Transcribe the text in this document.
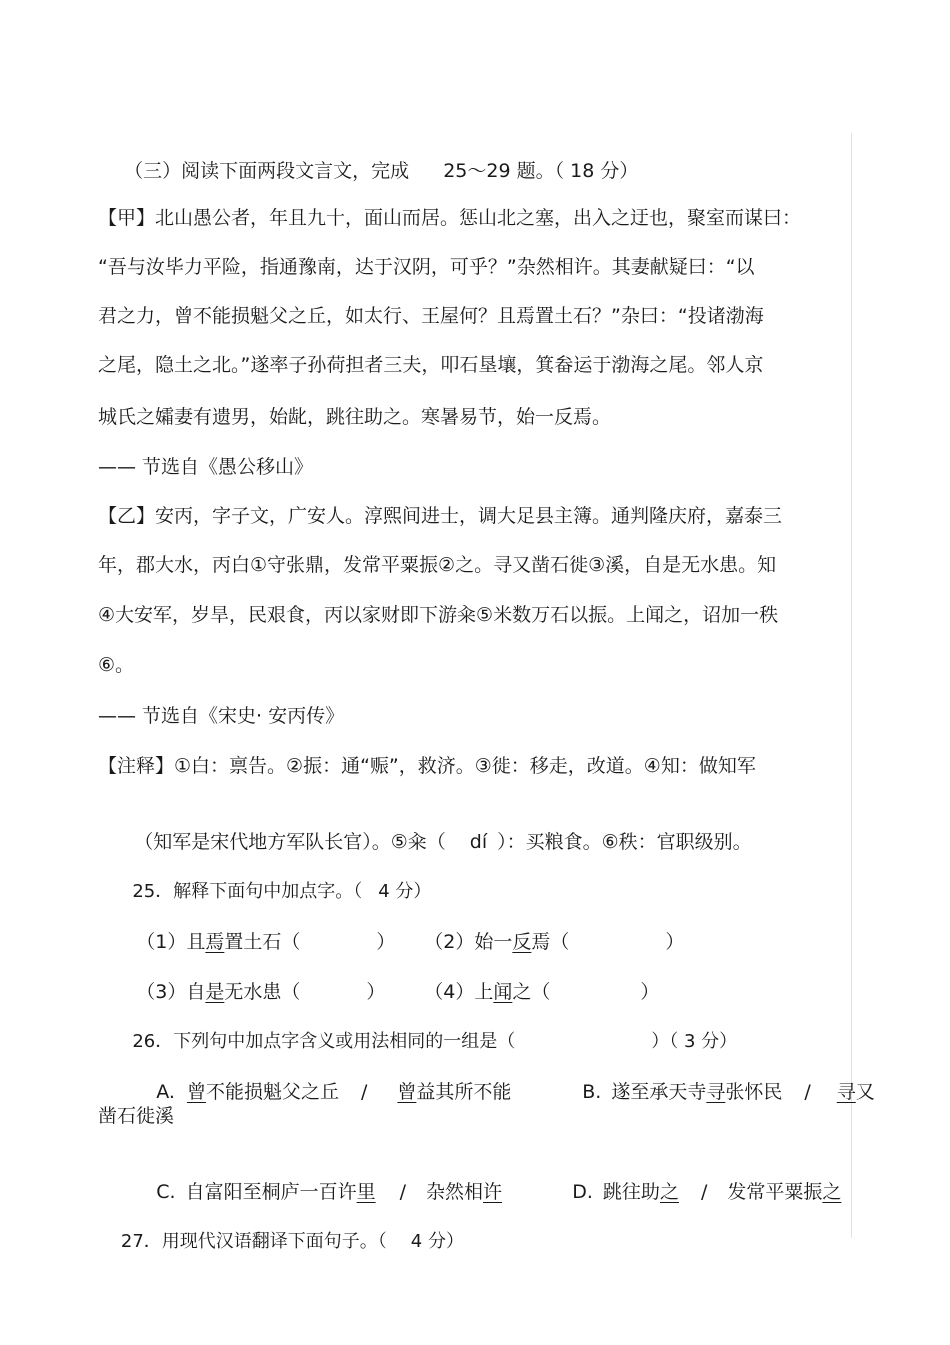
（三）阅读下面两段文言文，完成 25～29 题。（ 18 分）

【甲】北山愚公者，年且九十，面山而居。惩山北之塞，出入之迂也，聚室而谋曰：
“吾与汝毕力平险，指通豫南，达于汉阴，可乎？”杂然相许。其妻献疑曰：“以
君之力，曾不能损魁父之丘，如太行、王屋何？且焉置土石？”杂曰：“投诸渤海
之尾，隐土之北。”遂率子孙荷担者三夫，叩石垦壤，箕畚运于渤海之尾。邻人京
城氏之孀妻有遗男，始龀，跳往助之。寒暑易节，始一反焉。
—— 节选自《愚公移山》
【乙】安丙，字子文，广安人。淳熙间进士，调大足县主簿。通判隆庆府，嘉泰三
年，郡大水，丙白①守张鼎，发常平粟振②之。寻又凿石徙③溪，自是无水患。知
④大安军，岁旱，民艰食，丙以家财即下游籴⑤米数万石以振。上闻之，诏加一秩
⑥。
—— 节选自《宋史· 安丙传》
【注释】①白：禀告。②振：通“赈”，救济。③徙：移走，改道。④知：做知军

（知军是宋代地方军队长官）。⑤籴（ dí ）：买粮食。⑥秩：官职级别。

25．解释下面句中加点字。（ 4 分）

（1）且焉置土石（	）
	（2）始一反焉（	）

（3）自是无水患（	）
	（4）上闻之（	）

26．下列句中加点字含义或用法相同的一组是（	）（ 3 分）

A. 曾不能损魁父之丘 / 曾益其所不能
	B. 遂至承天寺寻张怀民 / 寻又

凿石徙溪

C. 自富阳至桐庐一百许里 / 杂然相许
	D. 跳往助之 / 发常平粟振之

27．用现代汉语翻译下面句子。（ 4 分）
